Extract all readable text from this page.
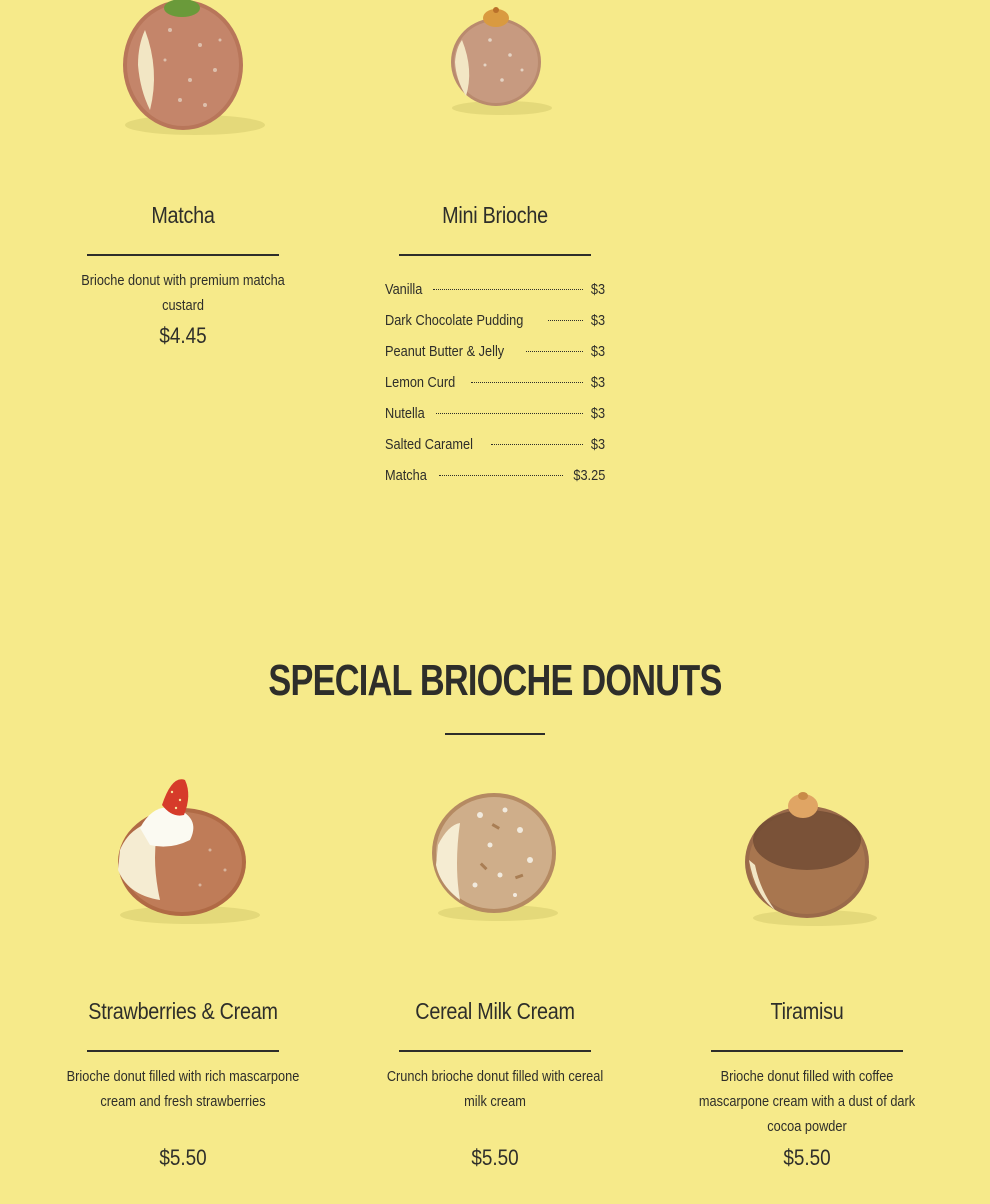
Matcha
Brioche donut with premium matcha custard
$4.45
Mini Brioche
Vanilla	$3
Dark Chocolate Pudding	$3
Peanut Butter & Jelly	$3
Lemon Curd	$3
Nutella	$3
Salted Caramel	$3
Matcha	$3.25
SPECIAL BRIOCHE DONUTS
Strawberries & Cream
Brioche donut filled with rich mascarpone cream and fresh strawberries
$5.50
Cereal Milk Cream
Crunch brioche donut filled with cereal milk cream
$5.50
Tiramisu
Brioche donut filled with coffee mascarpone cream with a dust of dark cocoa powder
$5.50
